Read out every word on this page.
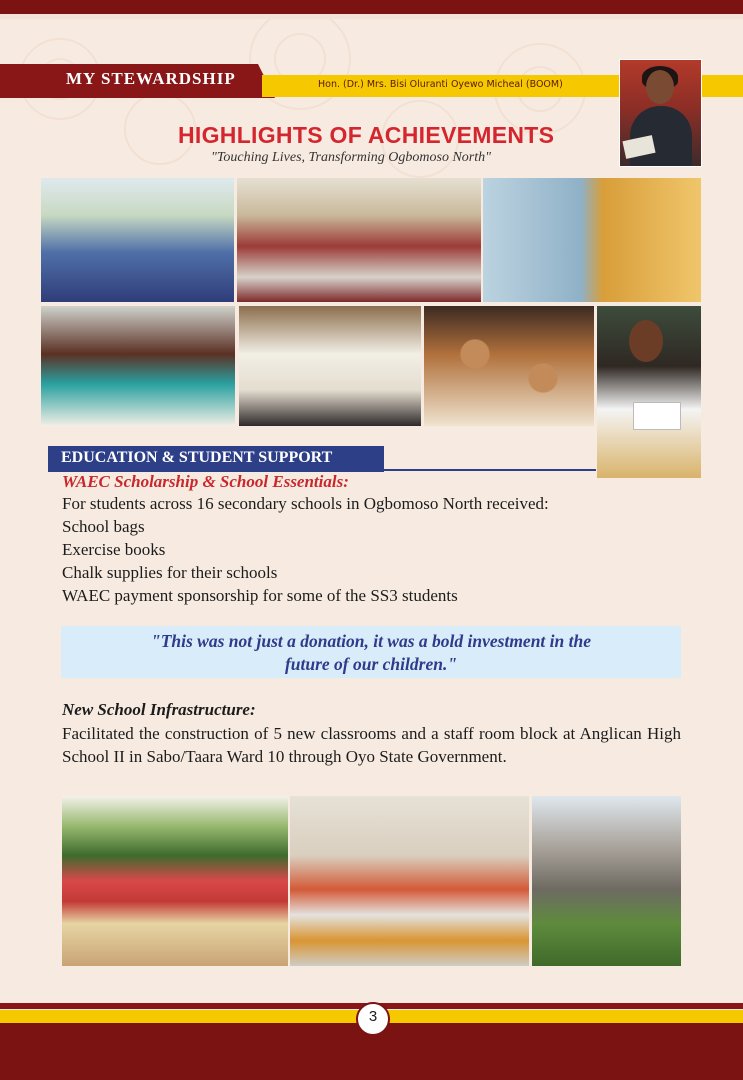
MY STEWARDSHIP	Hon. (Dr.) Mrs. Bisi Oluranti Oyewo Micheal (BOOM)
HIGHLIGHTS OF ACHIEVEMENTS
"Touching Lives, Transforming Ogbomoso North"
EDUCATION & STUDENT SUPPORT
WAEC Scholarship & School Essentials:
For students across 16 secondary schools in Ogbomoso North received:
School bags
Exercise books
Chalk supplies for their schools
WAEC payment sponsorship for some of the SS3 students
"This was not just a donation, it was a bold investment in the
future of our children."
New School Infrastructure:
Facilitated the construction of 5 new classrooms and a staff room block at Anglican High School II in Sabo/Taara Ward 10 through Oyo State Government.
3
